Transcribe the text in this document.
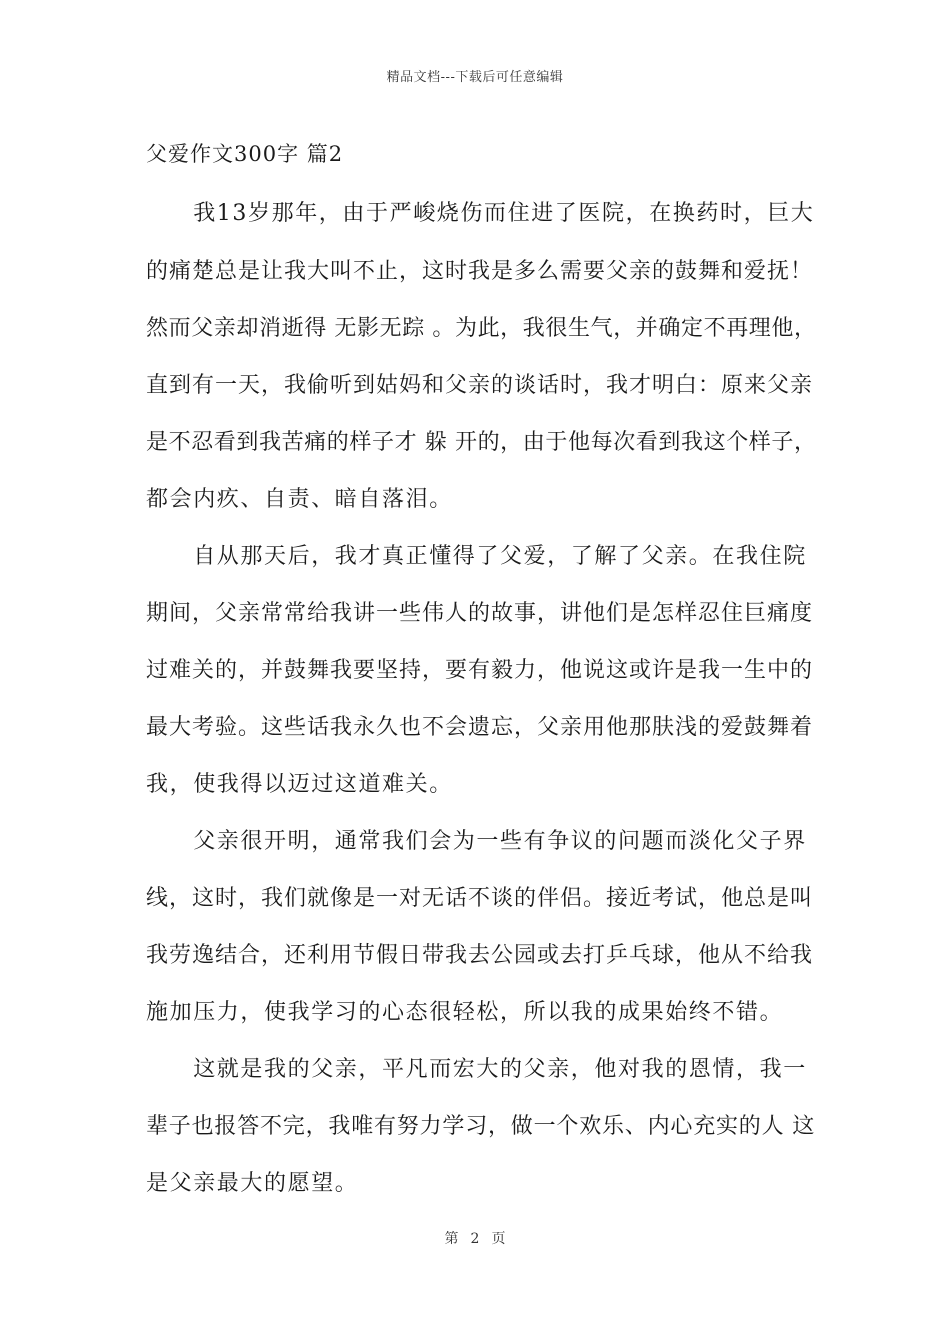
精品文档---下载后可任意编辑
父爱作文300字 篇2
　　我13岁那年，由于严峻烧伤而住进了医院，在换药时，巨大
的痛楚总是让我大叫不止，这时我是多么需要父亲的鼓舞和爱抚！
然而父亲却消逝得 无影无踪 。为此，我很生气，并确定不再理他，
直到有一天，我偷听到姑妈和父亲的谈话时，我才明白：原来父亲
是不忍看到我苦痛的样子才 躲 开的，由于他每次看到我这个样子，
都会内疚、自责、暗自落泪。
　　自从那天后，我才真正懂得了父爱，了解了父亲。在我住院
期间，父亲常常给我讲一些伟人的故事，讲他们是怎样忍住巨痛度
过难关的，并鼓舞我要坚持，要有毅力，他说这或许是我一生中的
最大考验。这些话我永久也不会遗忘，父亲用他那肤浅的爱鼓舞着
我，使我得以迈过这道难关。
　　父亲很开明，通常我们会为一些有争议的问题而淡化父子界
线，这时，我们就像是一对无话不谈的伴侣。接近考试，他总是叫
我劳逸结合，还利用节假日带我去公园或去打乒乓球，他从不给我
施加压力，使我学习的心态很轻松，所以我的成果始终不错。
　　这就是我的父亲，平凡而宏大的父亲，他对我的恩情，我一
辈子也报答不完，我唯有努力学习，做一个欢乐、内心充实的人 这
是父亲最大的愿望。
第 2 页
